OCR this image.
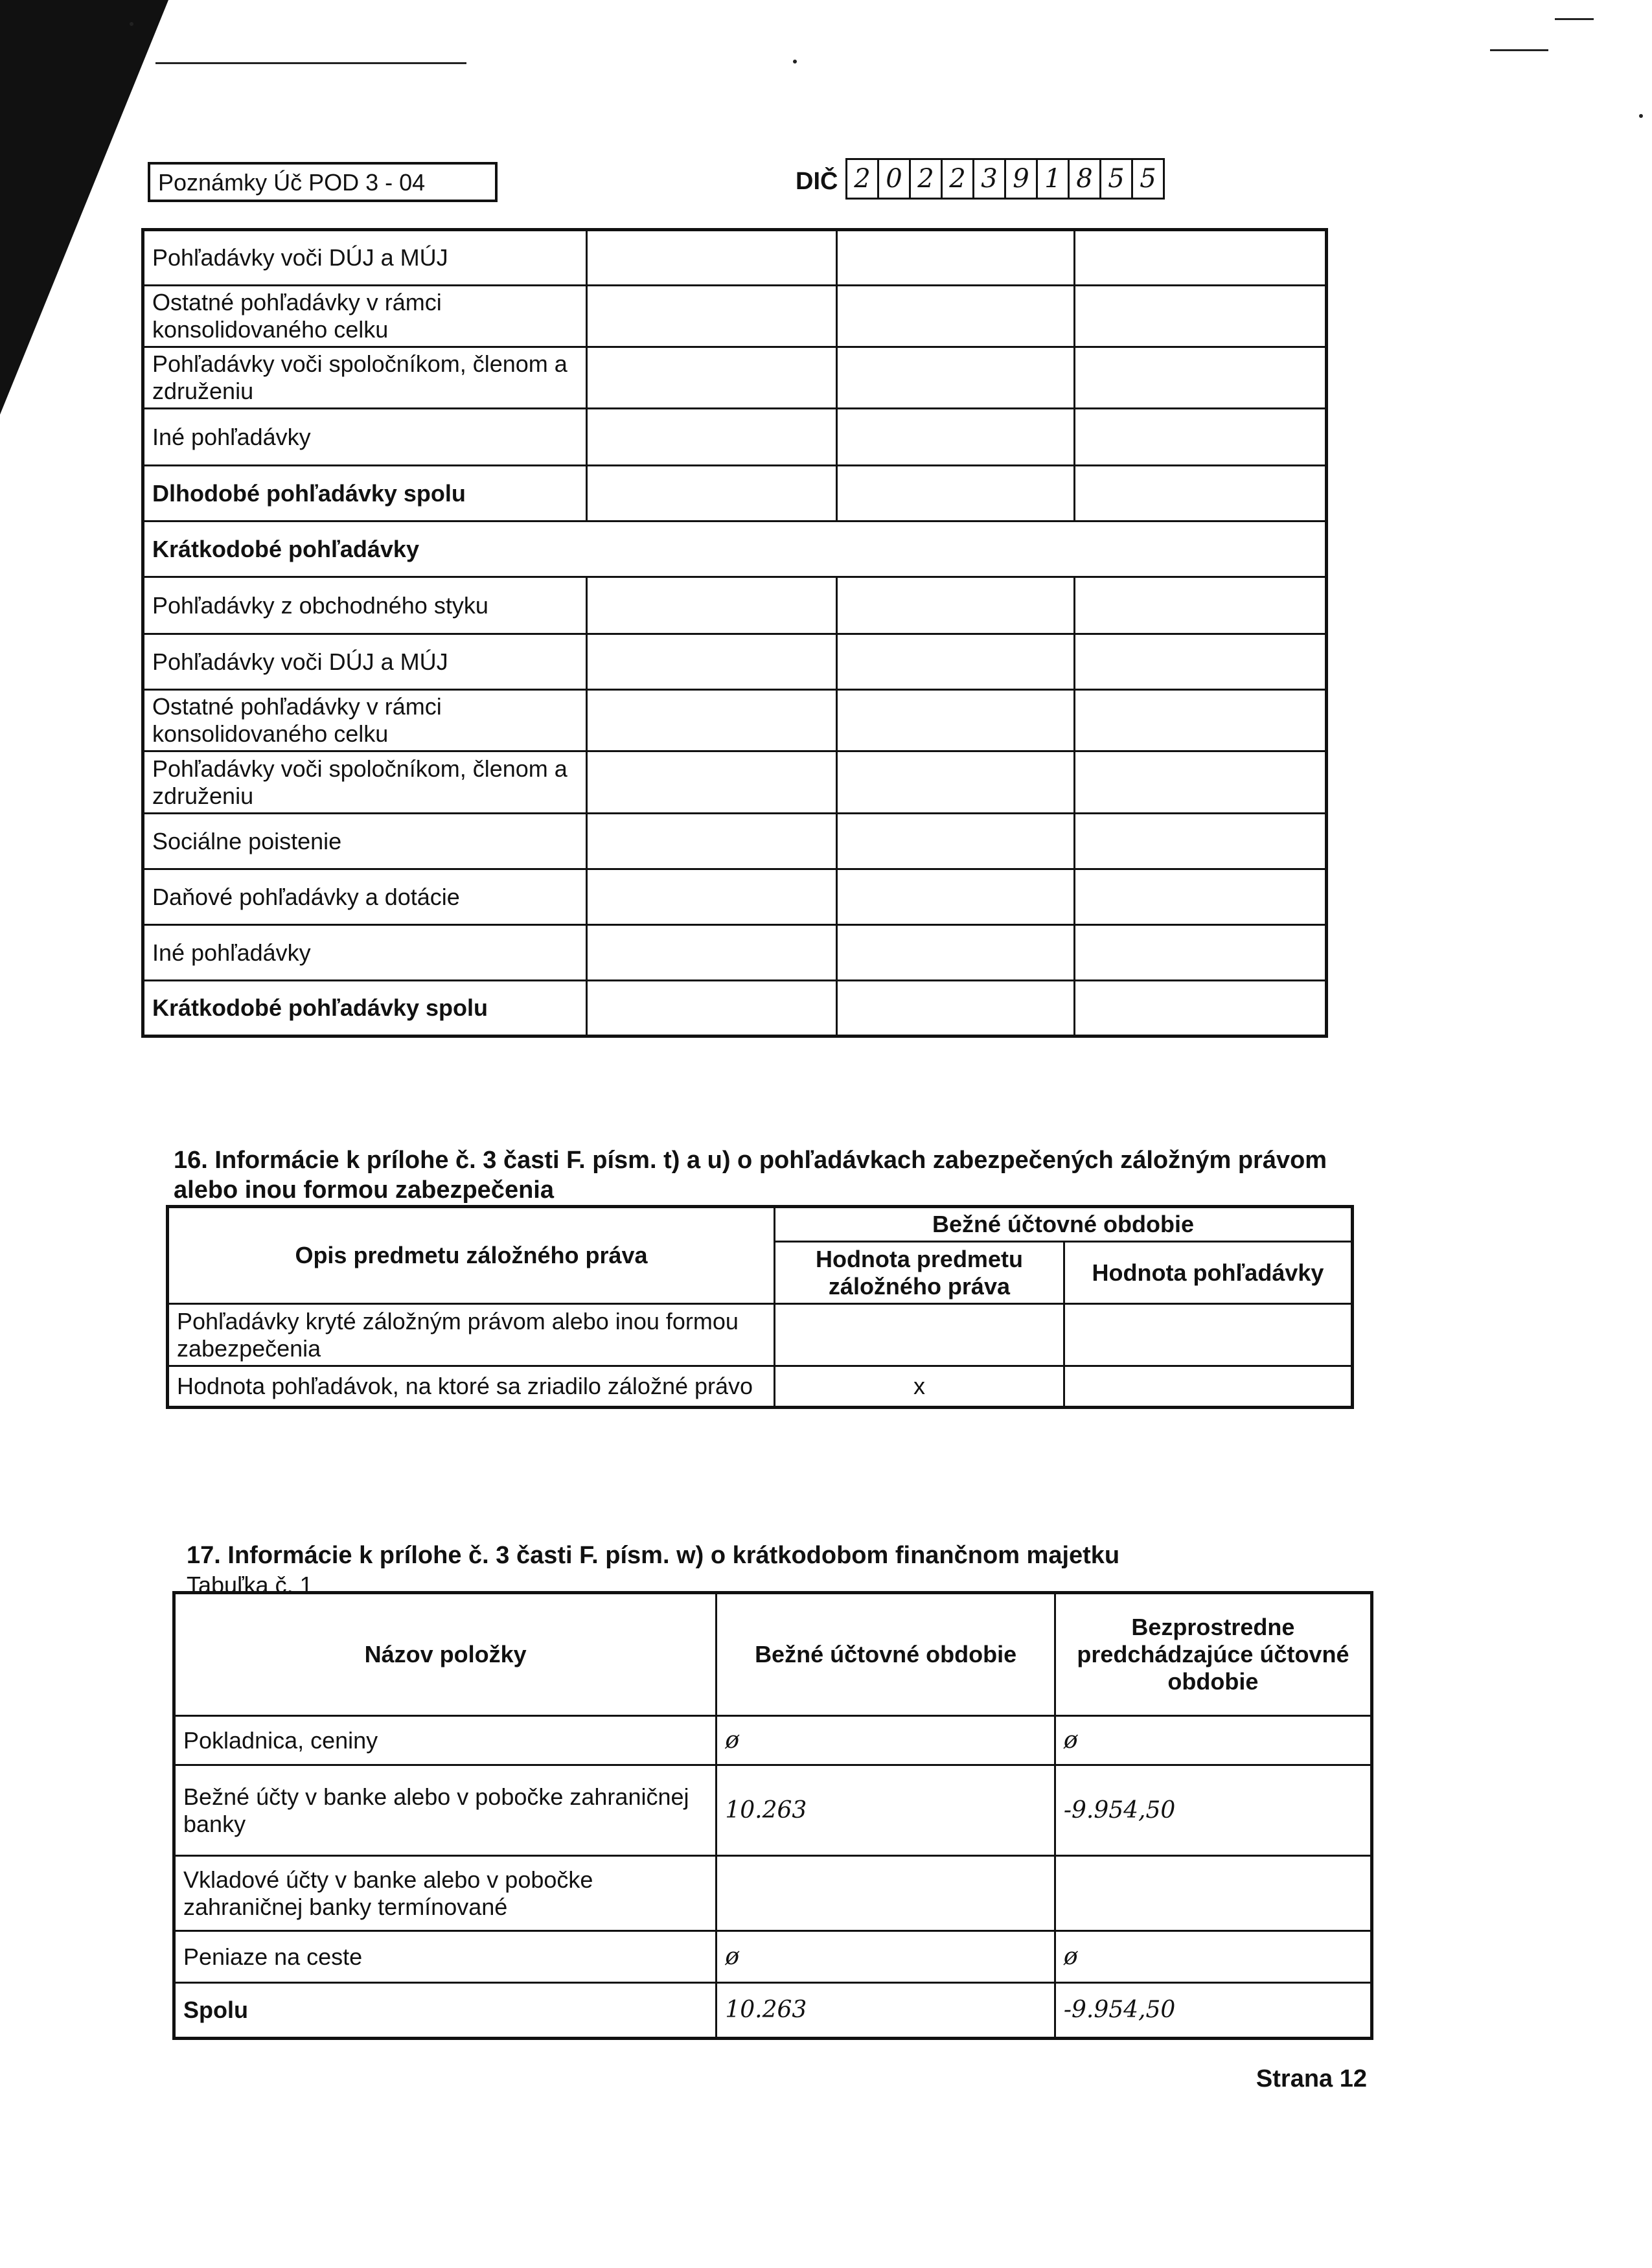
Poznámky Úč POD 3 - 04	DIČ 2 0 2 2 3 9 1 8 5 5
Pohľadávky voči DÚJ a MÚJ			
Ostatné pohľadávky v rámci konsolidovaného celku			
Pohľadávky voči spoločníkom, členom a združeniu			
Iné pohľadávky			
Dlhodobé pohľadávky spolu			
Krátkodobé pohľadávky			
Pohľadávky z obchodného styku			
Pohľadávky voči DÚJ a MÚJ			
Ostatné pohľadávky v rámci konsolidovaného celku			
Pohľadávky voči spoločníkom, členom a združeniu			
Sociálne poistenie			
Daňové pohľadávky a dotácie			
Iné pohľadávky			
Krátkodobé pohľadávky spolu			
16. Informácie k prílohe č. 3 časti F. písm. t) a u) o pohľadávkach zabezpečených záložným právom alebo inou formou zabezpečenia
Opis predmetu záložného práva	Bežné účtovné obdobie	
	Hodnota predmetu záložného práva	Hodnota pohľadávky
Pohľadávky kryté záložným právom alebo inou formou zabezpečenia		
Hodnota pohľadávok, na ktoré sa zriadilo záložné právo	x	
17. Informácie k prílohe č. 3 časti F. písm. w) o krátkodobom finančnom majetku
Tabuľka č. 1
Názov položky	Bežné účtovné obdobie	Bezprostredne predchádzajúce účtovné obdobie
Pokladnica, ceniny	ø	ø
Bežné účty v banke alebo v pobočke zahraničnej banky	10.263	-9.954,50
Vkladové účty v banke alebo v pobočke zahraničnej banky termínované		
Peniaze na ceste	ø	ø
Spolu	10.263	-9.954,50
Strana 12
